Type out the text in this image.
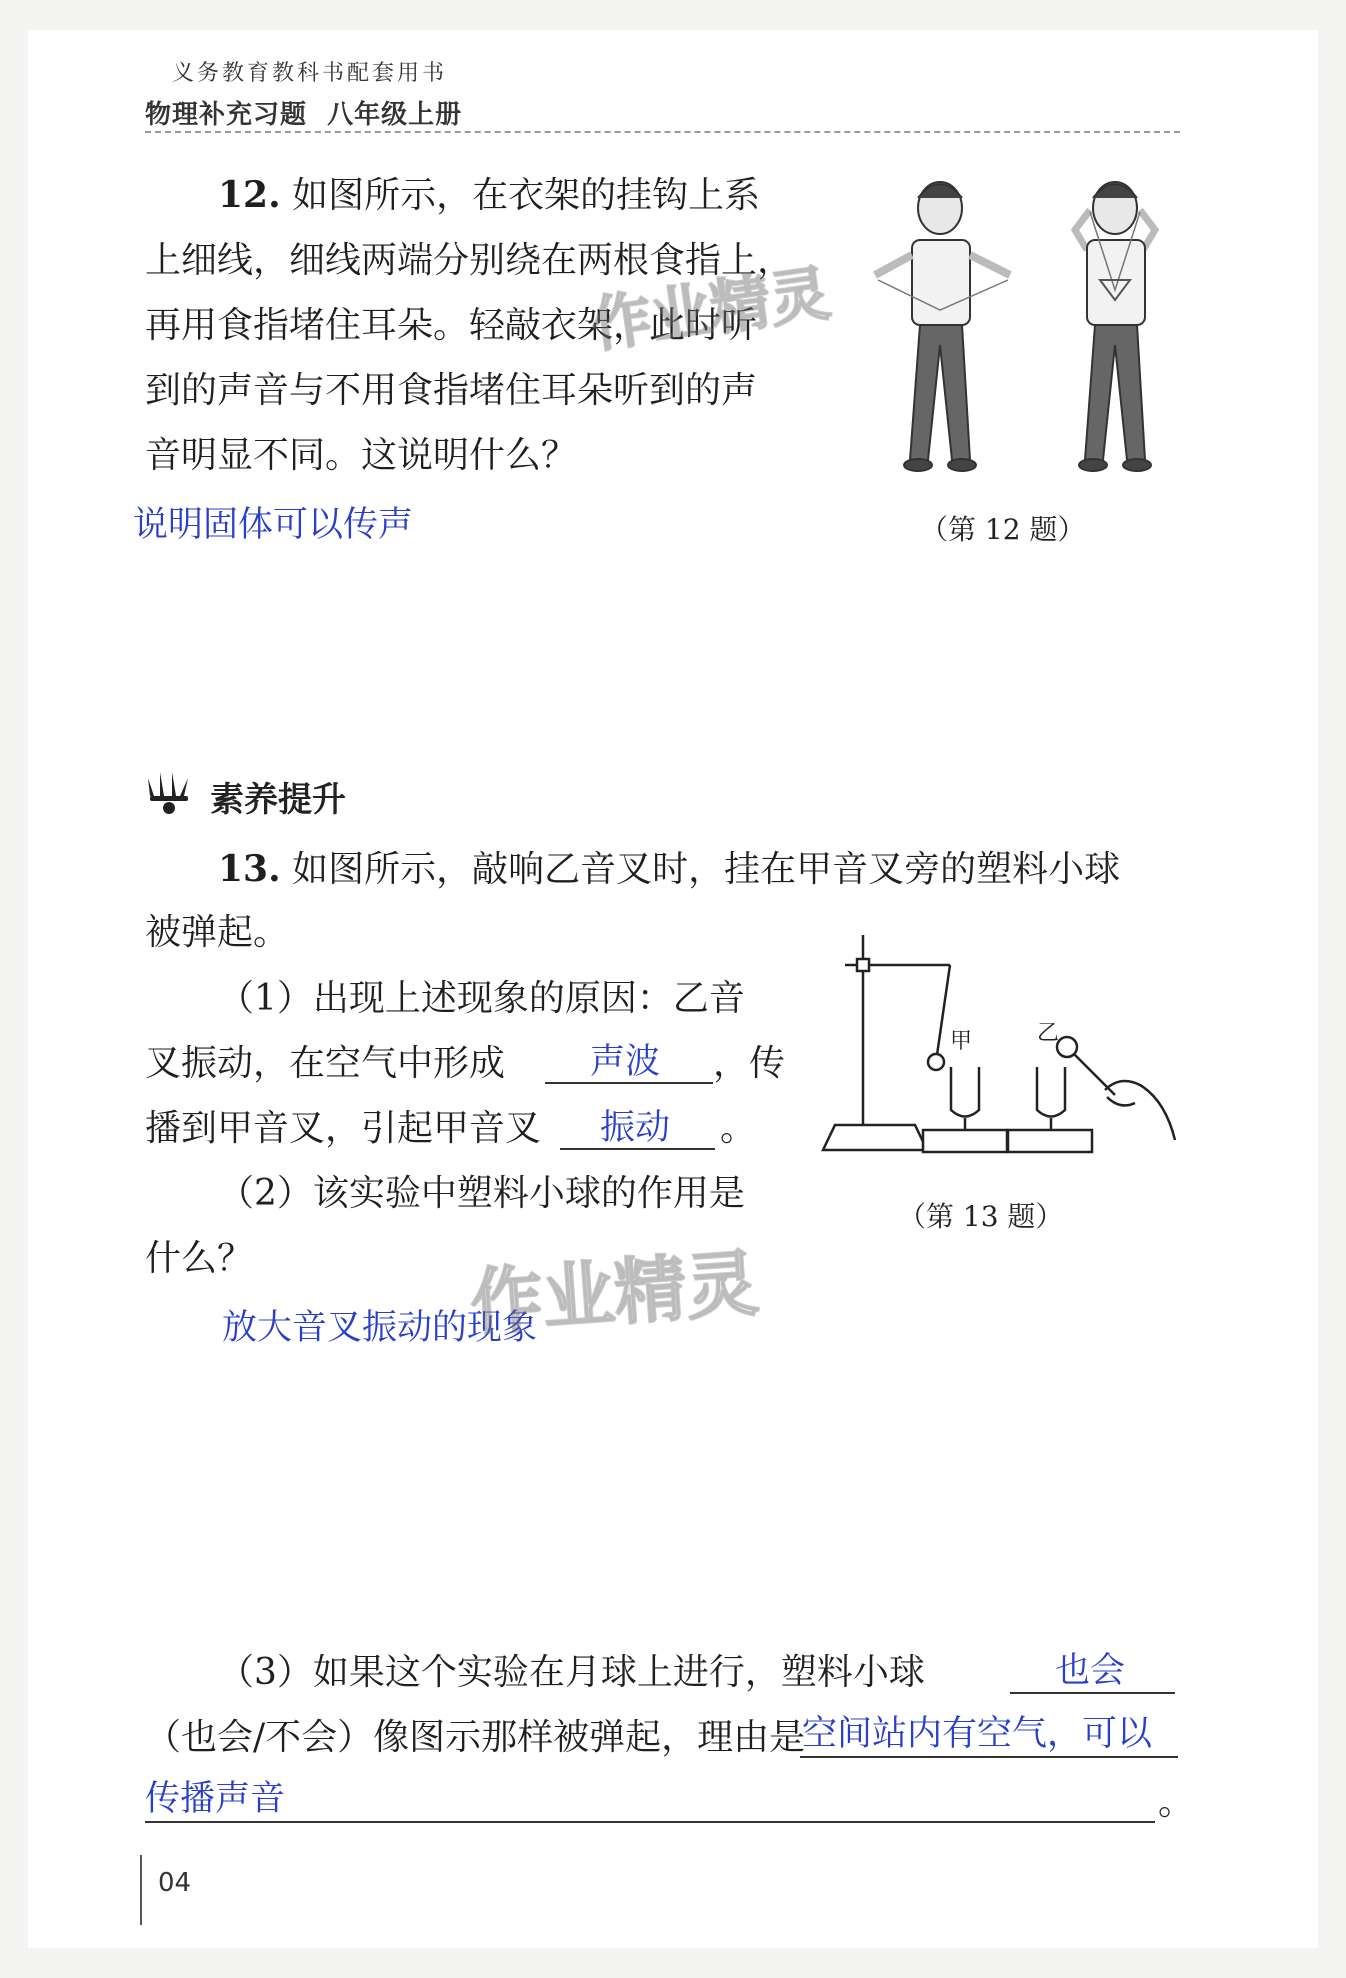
义务教育教科书配套用书
物理补充习题 八年级上册
12. 如图所示，在衣架的挂钩上系
上细线，细线两端分别绕在两根食指上，
再用食指堵住耳朵。轻敲衣架，此时听
到的声音与不用食指堵住耳朵听到的声
音明显不同。这说明什么？
说明固体可以传声	（第 12 题）
作业精灵
素养提升
13. 如图所示，敲响乙音叉时，挂在甲音叉旁的塑料小球
被弹起。
（1）出现上述现象的原因：乙音
叉振动，在空气中形成 声波 ，传
播到甲音叉，引起甲音叉 振动 。
（2）该实验中塑料小球的作用是
什么？
放大音叉振动的现象
甲	乙
（第 13 题）
作业精灵
（3）如果这个实验在月球上进行，塑料小球	也会
（也会/不会）像图示那样被弹起，理由是
空间站内有空气，可以
传播声音	。
04
